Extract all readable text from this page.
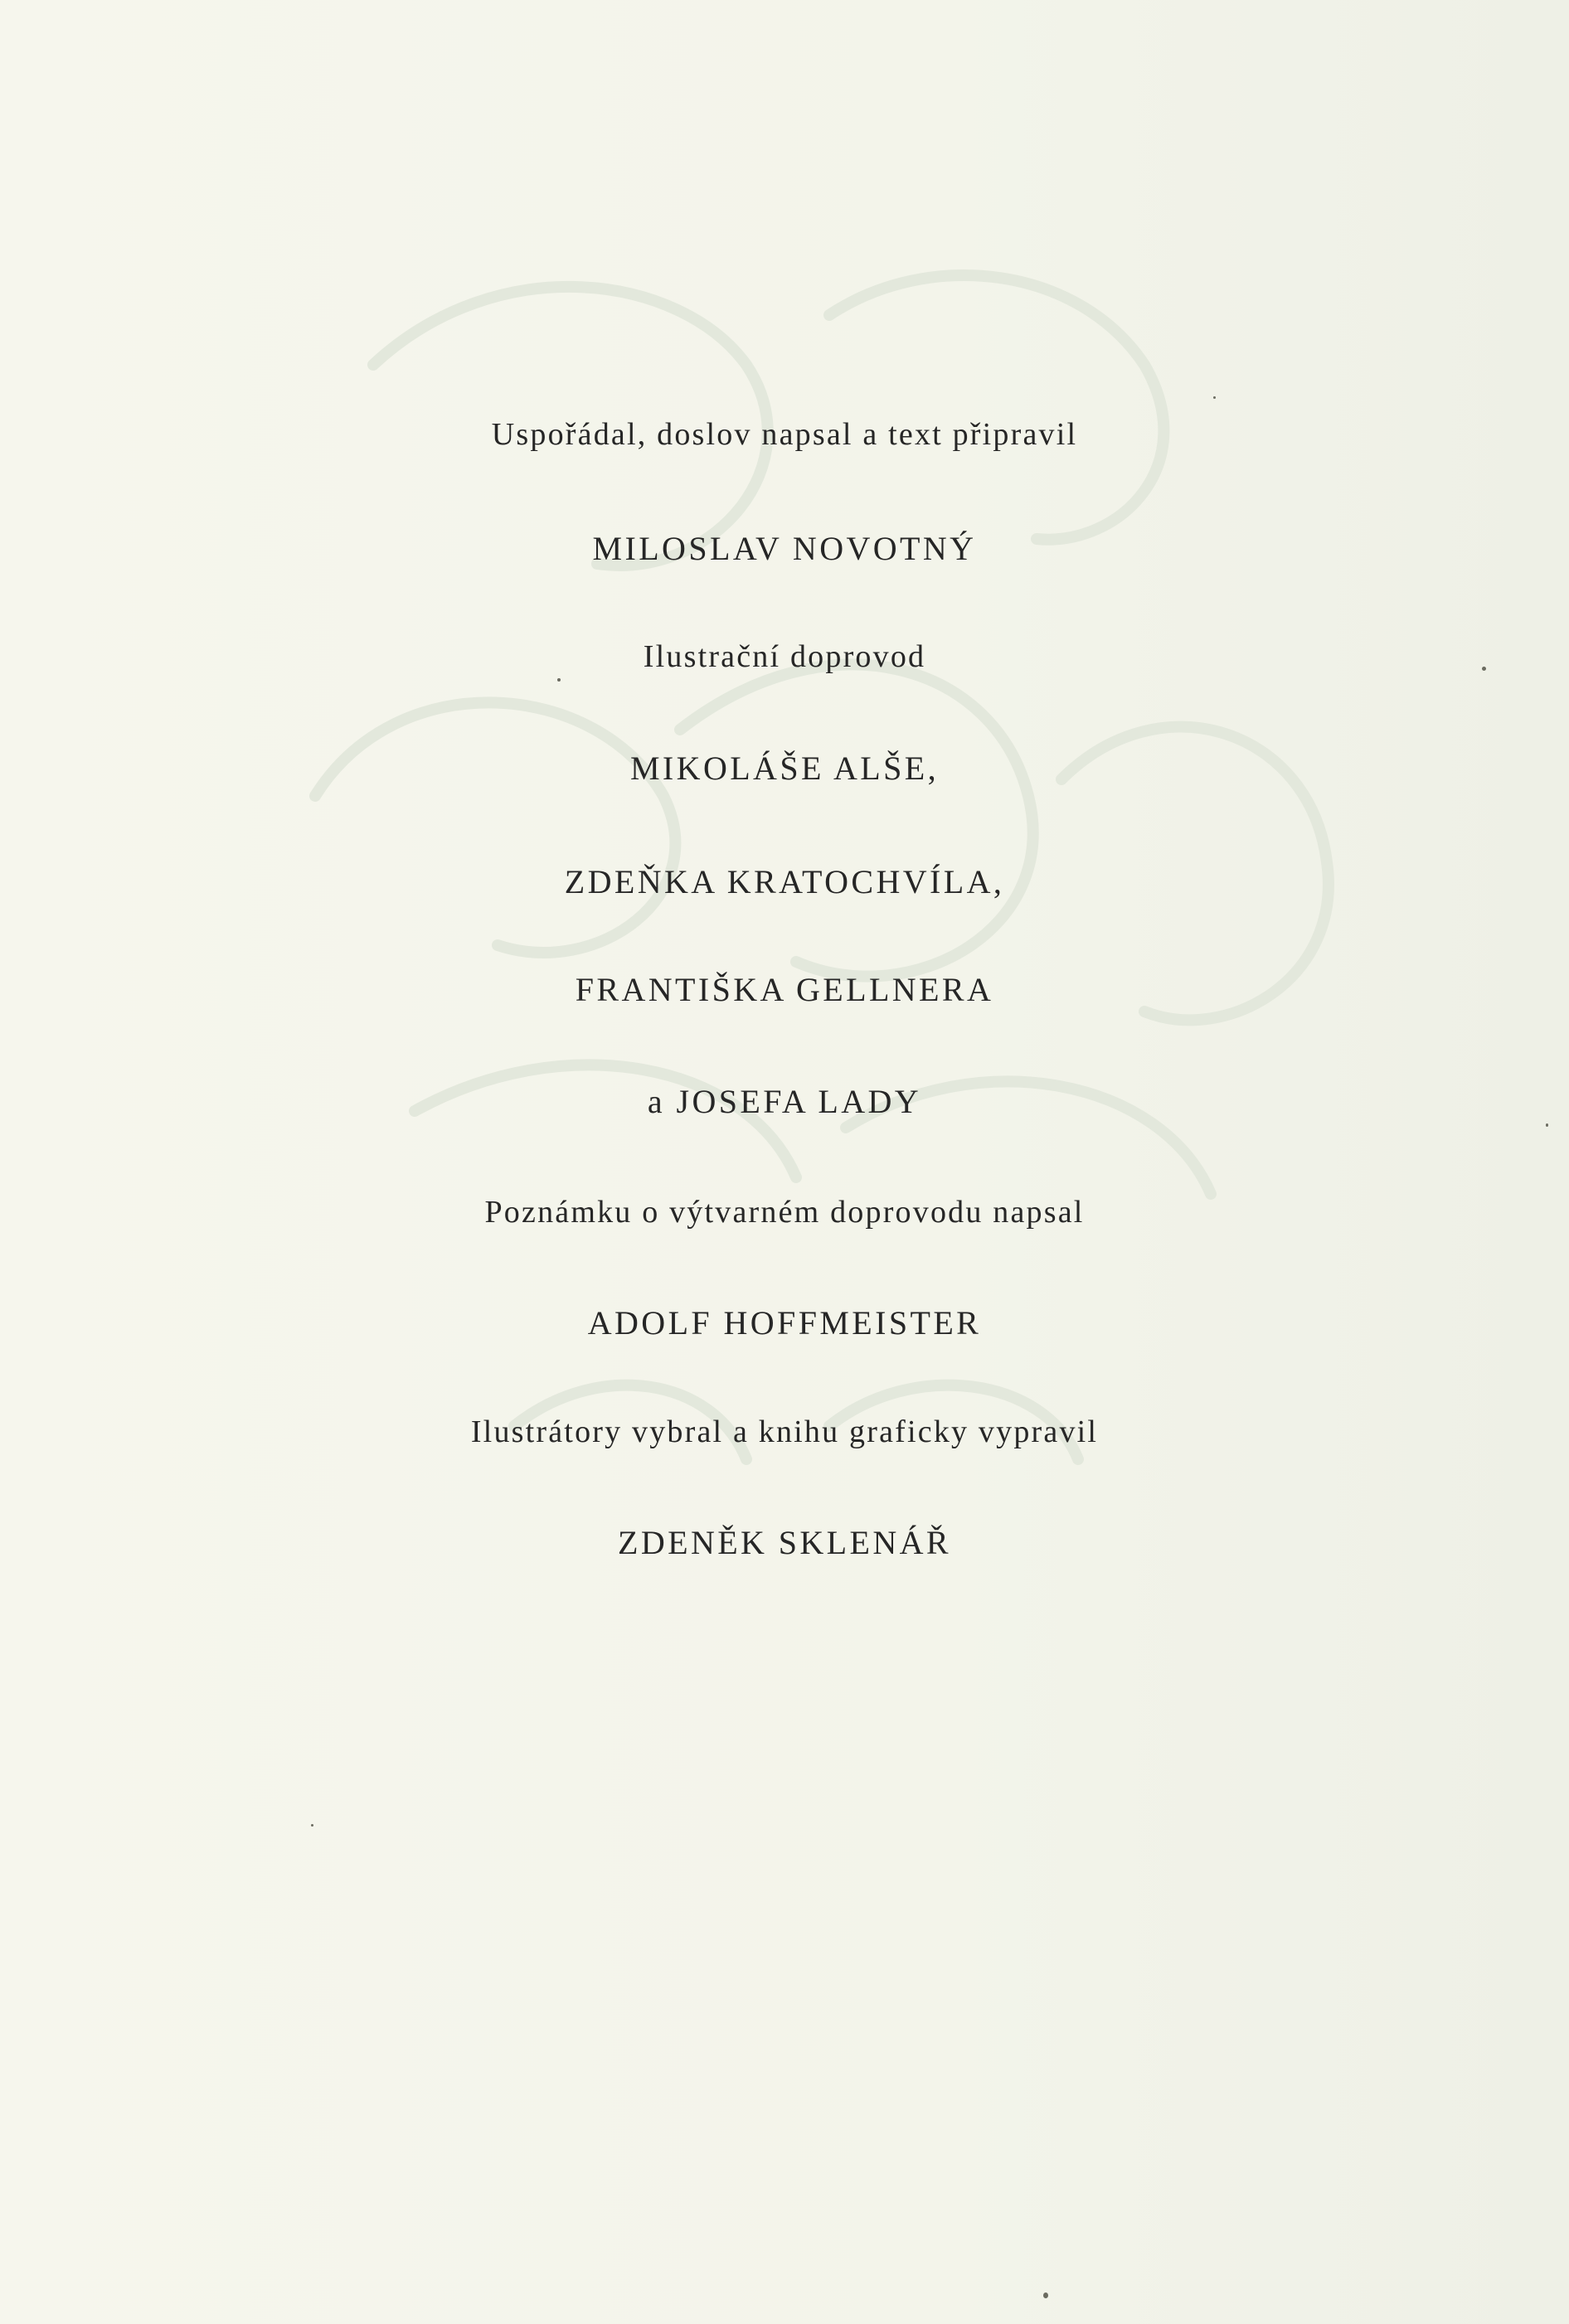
Uspořádal, doslov napsal a text připravil
MILOSLAV NOVOTNÝ
Ilustrační doprovod
MIKOLÁŠE ALŠE,
ZDEŇKA KRATOCHVÍLA,
FRANTIŠKA GELLNERA
a JOSEFA LADY
Poznámku o výtvarném doprovodu napsal
ADOLF HOFFMEISTER
Ilustrátory vybral a knihu graficky vypravil
ZDENĚK SKLENÁŘ
